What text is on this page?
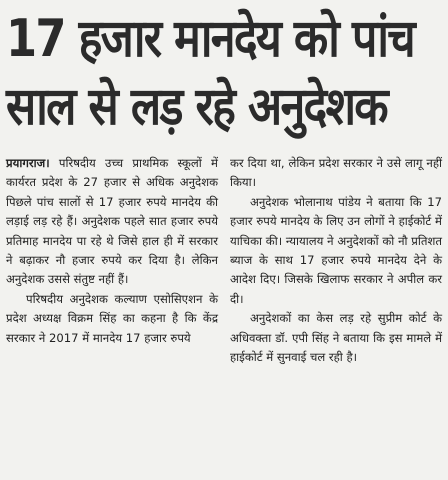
17 हजार मानदेय को पांच
साल से लड़ रहे अनुदेशक

प्रयागराज। परिषदीय उच्च प्राथमिक स्कूलों में कार्यरत प्रदेश के 27 हजार से अधिक अनुदेशक पिछले पांच सालों से 17 हजार रुपये मानदेय की लड़ाई लड़ रहे हैं। अनुदेशक पहले सात हजार रुपये प्रतिमाह मानदेय पा रहे थे जिसे हाल ही में सरकार ने बढ़ाकर नौ हजार रुपये कर दिया है। लेकिन अनुदेशक उससे संतुष्ट नहीं हैं।

परिषदीय अनुदेशक कल्याण एसोसिएशन के प्रदेश अध्यक्ष विक्रम सिंह का कहना है कि केंद्र सरकार ने 2017 में मानदेय 17 हजार रुपये

कर दिया था, लेकिन प्रदेश सरकार ने उसे लागू नहीं किया।

अनुदेशक भोलानाथ पांडेय ने बताया कि 17 हजार रुपये मानदेय के लिए उन लोगों ने हाईकोर्ट में याचिका की। न्यायालय ने अनुदेशकों को नौ प्रतिशत ब्याज के साथ 17 हजार रुपये मानदेय देने के आदेश दिए। जिसके खिलाफ सरकार ने अपील कर दी।

अनुदेशकों का केस लड़ रहे सुप्रीम कोर्ट के अधिवक्ता डॉ. एपी सिंह ने बताया कि इस मामले में हाईकोर्ट में सुनवाई चल रही है।
